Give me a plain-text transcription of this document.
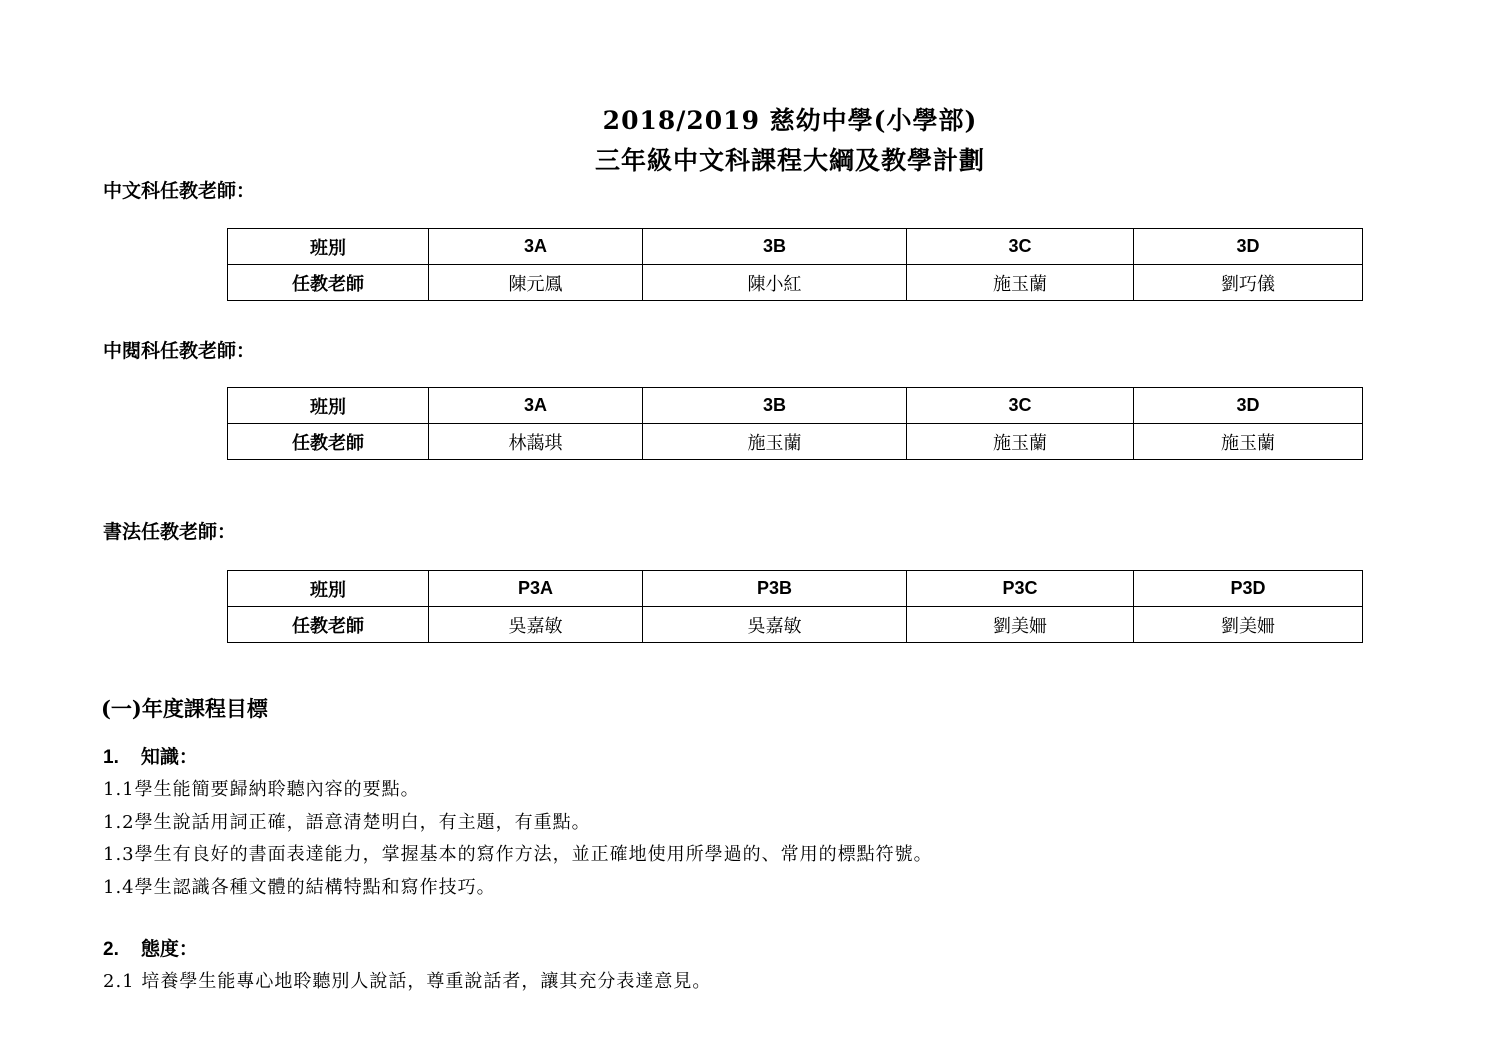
2018/2019 慈幼中學(小學部)
三年級中文科課程大綱及教學計劃
中文科任教老師：
班別	3A	3B	3C	3D
任教老師	陳元鳳	陳小紅	施玉蘭	劉巧儀
中閱科任教老師：
班別	3A	3B	3C	3D
任教老師	林藹琪	施玉蘭	施玉蘭	施玉蘭
書法任教老師：
班別	P3A	P3B	P3C	P3D
任教老師	吳嘉敏	吳嘉敏	劉美姍	劉美姍
(一)年度課程目標
1. 知識：
1.1學生能簡要歸納聆聽內容的要點。
1.2學生說話用詞正確，語意清楚明白，有主題，有重點。
1.3學生有良好的書面表達能力，掌握基本的寫作方法，並正確地使用所學過的、常用的標點符號。
1.4學生認識各種文體的結構特點和寫作技巧。
2. 態度：
2.1 培養學生能專心地聆聽別人說話，尊重說話者，讓其充分表達意見。
